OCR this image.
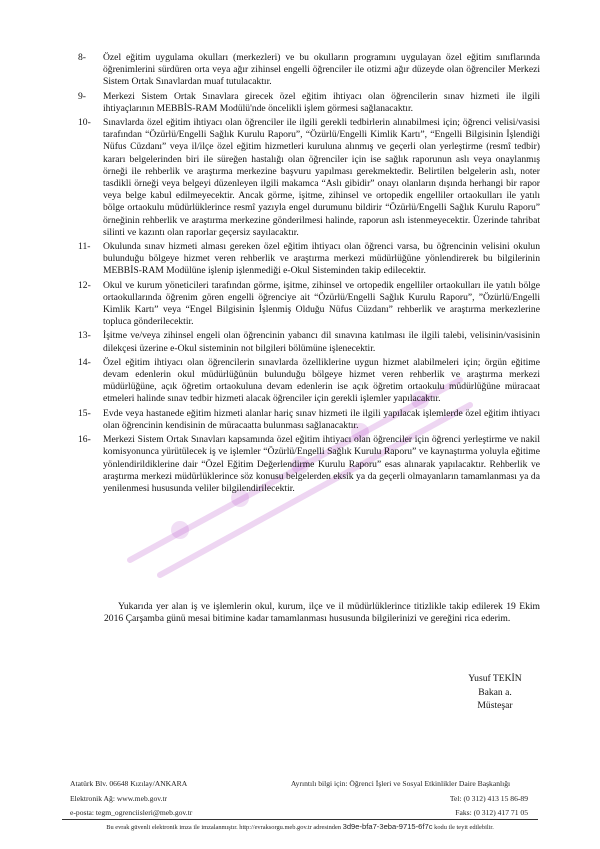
8-	Özel eğitim uygulama okulları (merkezleri) ve bu okulların programını uygulayan özel eğitim sınıflarında öğrenimlerini sürdüren orta veya ağır zihinsel engelli öğrenciler ile otizmi ağır düzeyde olan öğrenciler Merkezi Sistem Ortak Sınavlardan muaf tutulacaktır.
9-	Merkezi Sistem Ortak Sınavlara girecek özel eğitim ihtiyacı olan öğrencilerin sınav hizmeti ile ilgili ihtiyaçlarının MEBBİS-RAM Modülü'nde öncelikli işlem görmesi sağlanacaktır.
10-	Sınavlarda özel eğitim ihtiyacı olan öğrenciler ile ilgili gerekli tedbirlerin alınabilmesi için; öğrenci velisi/vasisi tarafından “Özürlü/Engelli Sağlık Kurulu Raporu”, “Özürlü/Engelli Kimlik Kartı”, “Engelli Bilgisinin İşlendiği Nüfus Cüzdanı” veya il/ilçe özel eğitim hizmetleri kuruluna alınmış ve geçerli olan yerleştirme (resmî tedbir) kararı belgelerinden biri ile süreğen hastalığı olan öğrenciler için ise sağlık raporunun aslı veya onaylanmış örneği ile rehberlik ve araştırma merkezine başvuru yapılması gerekmektedir. Belirtilen belgelerin aslı, noter tasdikli örneği veya belgeyi düzenleyen ilgili makamca “Aslı gibidir” onayı olanların dışında herhangi bir rapor veya belge kabul edilmeyecektir. Ancak görme, işitme, zihinsel ve ortopedik engelliler ortaokulları ile yatılı bölge ortaokulu müdürlüklerince resmî yazıyla engel durumunu bildirir “Özürlü/Engelli Sağlık Kurulu Raporu” örneğinin rehberlik ve araştırma merkezine gönderilmesi halinde, raporun aslı istenmeyecektir. Üzerinde tahribat silinti ve kazıntı olan raporlar geçersiz sayılacaktır.
11-	Okulunda sınav hizmeti alması gereken özel eğitim ihtiyacı olan öğrenci varsa, bu öğrencinin velisini okulun bulunduğu bölgeye hizmet veren rehberlik ve araştırma merkezi müdürlüğüne yönlendirerek bu bilgilerinin MEBBİS-RAM Modülüne işlenip işlenmediği e-Okul Sisteminden takip edilecektir.
12-	Okul ve kurum yöneticileri tarafından görme, işitme, zihinsel ve ortopedik engelliler ortaokulları ile yatılı bölge ortaokullarında öğrenim gören engelli öğrenciye ait “Özürlü/Engelli Sağlık Kurulu Raporu”, ”Özürlü/Engelli Kimlik Kartı” veya “Engel Bilgisinin İşlenmiş Olduğu Nüfus Cüzdanı” rehberlik ve araştırma merkezlerine topluca gönderilecektir.
13-	İşitme ve/veya zihinsel engeli olan öğrencinin yabancı dil sınavına katılması ile ilgili talebi, velisinin/vasisinin dilekçesi üzerine e-Okul sisteminin not bilgileri bölümüne işlenecektir.
14-	Özel eğitim ihtiyacı olan öğrencilerin sınavlarda özelliklerine uygun hizmet alabilmeleri için; örgün eğitime devam edenlerin okul müdürlüğünün bulunduğu bölgeye hizmet veren rehberlik ve araştırma merkezi müdürlüğüne, açık öğretim ortaokuluna devam edenlerin ise açık öğretim ortaokulu müdürlüğüne müracaat etmeleri halinde sınav tedbir hizmeti alacak öğrenciler için gerekli işlemler yapılacaktır.
15-	Evde veya hastanede eğitim hizmeti alanlar hariç sınav hizmeti ile ilgili yapılacak işlemlerde özel eğitim ihtiyacı olan öğrencinin kendisinin de müracaatta bulunması sağlanacaktır.
16-	Merkezi Sistem Ortak Sınavları kapsamında özel eğitim ihtiyacı olan öğrenciler için öğrenci yerleştirme ve nakil komisyonunca yürütülecek iş ve işlemler “Özürlü/Engelli Sağlık Kurulu Raporu” ve kaynaştırma yoluyla eğitime yönlendirildiklerine dair “Özel Eğitim Değerlendirme Kurulu Raporu” esas alınarak yapılacaktır. Rehberlik ve araştırma merkezi müdürlüklerince söz konusu belgelerden eksik ya da geçerli olmayanların tamamlanması ya da yenilenmesi hususunda veliler bilgilendirilecektir.
Yukarıda yer alan iş ve işlemlerin okul, kurum, ilçe ve il müdürlüklerince titizlikle takip edilerek 19 Ekim 2016 Çarşamba günü mesai bitimine kadar tamamlanması hususunda bilgilerinizi ve gereğini rica ederim.
Yusuf TEKİN
Bakan a.
Müsteşar
Atatürk Blv. 06648 Kızılay/ANKARA
Elektronik Ağ: www.meb.gov.tr
e-posta: tegm_ogrenciisleri@meb.gov.tr
Ayrıntılı bilgi için: Öğrenci İşleri ve Sosyal Etkinlikler Daire Başkanlığı
Tel: (0 312) 413 15 86-89
Faks: (0 312) 417 71 05
Bu evrak güvenli elektronik imza ile imzalanmıştır. http://evraksorgu.meb.gov.tr adresinden 3d9e-bfa7-3eba-9715-6f7c kodu ile teyit edilebilir.
